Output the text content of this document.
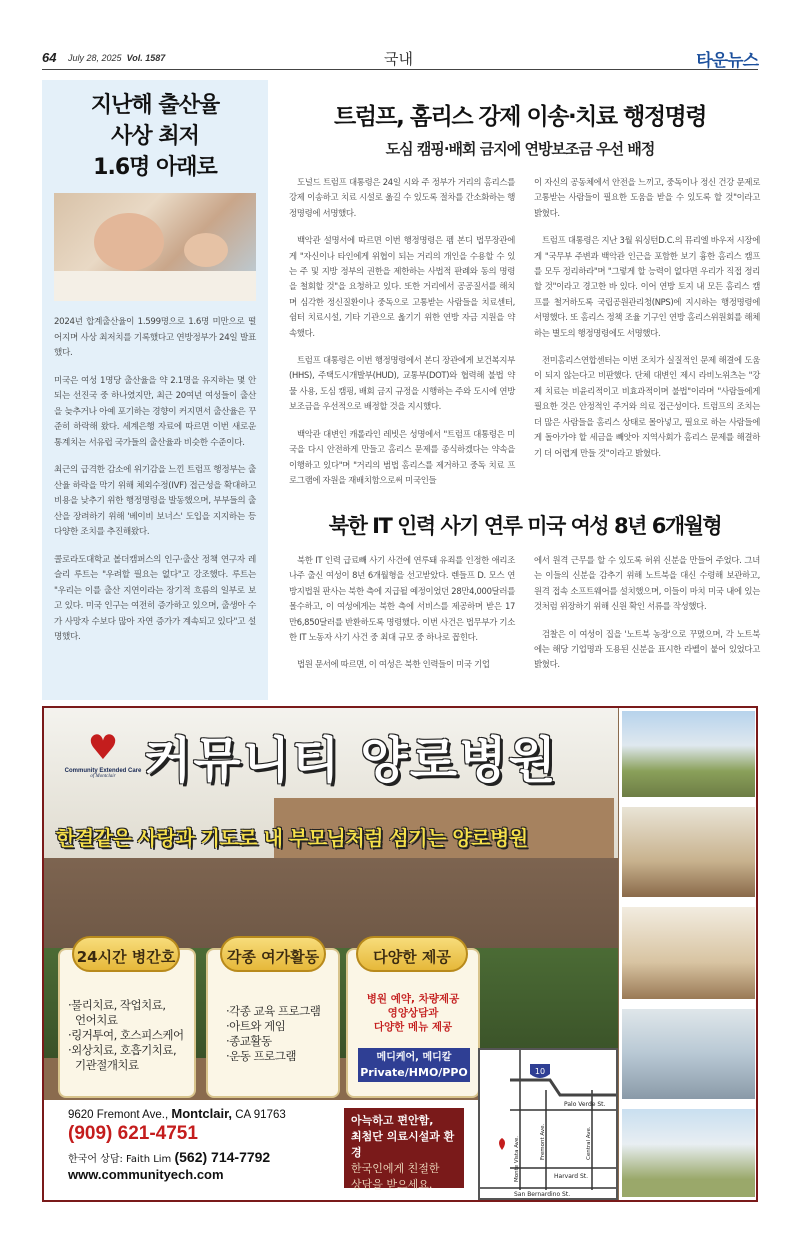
64 July 28, 2025 Vol. 1587	국내	타운뉴스
지난해 출산율
사상 최저
1.6명 아래로

2024년 합계출산율이 1.599명으로 1.6명 미만으로 떨어지며 사상 최저치를 기록했다고 연방정부가 24일 발표했다.

미국은 여성 1명당 출산율을 약 2.1명을 유지하는 몇 안 되는 선진국 중 하나였지만, 최근 20여년 여성들이 출산을 늦추거나 아예 포기하는 경향이 커지면서 출산율은 꾸준히 하락해 왔다. 세계은행 자료에 따르면 이번 새로운 통계치는 서유럽 국가들의 출산율과 비슷한 수준이다.

최근의 급격한 감소에 위기감을 느낀 트럼프 행정부는 출산율 하락을 막기 위해 체외수정(IVF) 접근성을 확대하고 비용을 낮추기 위한 행정명령을 발동했으며, 부부들의 출산을 장려하기 위해 '베이비 보너스' 도입을 지지하는 등 다양한 조치를 추진해왔다.

콜로라도대학교 볼더캠퍼스의 인구·출산 정책 연구자 레슬리 루트는 "우려할 필요는 없다"고 강조했다. 루트는 "우리는 이를 출산 지연이라는 장기적 흐름의 일부로 보고 있다. 미국 인구는 여전히 증가하고 있으며, 출생아 수가 사망자 수보다 많아 자연 증가가 계속되고 있다"고 설명했다.

트럼프, 홈리스 강제 이송·치료 행정명령
도심 캠핑·배회 금지에 연방보조금 우선 배정

도널드 트럼프 대통령은 24일 시와 주 정부가 거리의 홈리스를 강제 이송하고 치료 시설로 옮길 수 있도록 절차를 간소화하는 행정명령에 서명했다.

백악관 설명서에 따르면 이번 행정명령은 펨 본디 법무장관에게 "자신이나 타인에게 위협이 되는 거리의 개인을 수용할 수 있는 주 및 지방 정부의 권한을 제한하는 사법적 판례와 동의 명령을 철회할 것"을 요청하고 있다. 또한 거리에서 공공질서를 해치며 심각한 정신질환이나 중독으로 고통받는 사람들을 치료센터, 쉼터 치료시설, 기타 기관으로 옮기기 위한 연방 자금 지원을 약속했다.

트럼프 대통령은 이번 행정명령에서 본디 장관에게 보건복지부(HHS), 주택도시개발부(HUD), 교통부(DOT)와 협력해 불법 약물 사용, 도심 캠핑, 배회 금지 규정을 시행하는 주와 도시에 연방 보조금을 우선적으로 배정할 것을 지시했다.

백악관 대변인 캐롤라인 레빗은 성명에서 "트럼프 대통령은 미국을 다시 안전하게 만들고 홈리스 문제를 종식하겠다는 약속을 이행하고 있다"며 "거리의 범법 홈리스를 제거하고 중독 치료 프로그램에 자원을 재배치함으로써 미국인들

이 자신의 공동체에서 안전을 느끼고, 중독이나 정신 건강 문제로 고통받는 사람들이 필요한 도움을 받을 수 있도록 할 것"이라고 밝혔다.

트럼프 대통령은 지난 3월 워싱턴D.C.의 뮤리엘 바우저 시장에게 "국무부 주변과 백악관 인근을 포함한 보기 흉한 홈리스 캠프를 모두 정리하라"며 "그렇게 할 능력이 없다면 우리가 직접 정리할 것"이라고 경고한 바 있다. 이어 연방 토지 내 모든 홈리스 캠프를 철거하도록 국립공원관리청(NPS)에 지시하는 행정명령에 서명했다. 또 홈리스 정책 조율 기구인 연방 홈리스위원회를 해체하는 별도의 행정명령에도 서명했다.

전미홈리스연합센터는 이번 조치가 실질적인 문제 해결에 도움이 되지 않는다고 비판했다. 단체 대변인 제시 라비노위츠는 "강제 치료는 비윤리적이고 비효과적이며 불법"이라며 "사람들에게 필요한 것은 안정적인 주거와 의료 접근성이다. 트럼프의 조치는 더 많은 사람들을 홈리스 상태로 몰아넣고, 필요로 하는 사람들에게 돌아가야 할 세금을 빼앗아 지역사회가 홈리스 문제를 해결하기 더 어렵게 만들 것"이라고 밝혔다.

북한 IT 인력 사기 연루 미국 여성 8년 6개월형

북한 IT 인력 급료빼 사기 사건에 연루돼 유죄를 인정한 애리조나주 출신 여성이 8년 6개월형을 선고받았다. 렌들프 D. 모스 연방지법원 판사는 북한 측에 지급될 예정이었던 28만4,000달러를 몰수하고, 이 여성에게는 북한 측에 서비스를 제공하며 받은 17만6,850달러를 반환하도록 명령했다. 이번 사건은 법무부가 기소한 IT 노동자 사기 사건 중 최대 규모 중 하나로 꼽힌다.

법원 문서에 따르면, 이 여성은 북한 인력들이 미국 기업

에서 원격 근무를 할 수 있도록 허위 신분을 만들어 주었다. 그녀는 이들의 신분을 감추기 위해 노트북을 대신 수령해 보관하고, 원격 접속 소프트웨어를 설치했으며, 이들이 마치 미국 내에 있는 것처럼 위장하기 위해 신원 확인 서류를 작성했다.

검찰은 이 여성이 집을 '노트북 농장'으로 꾸몄으며, 각 노트북에는 해당 기업명과 도용된 신분을 표시한 라벨이 붙어 있었다고 밝혔다.

♥
Community Extended Care
of Montclair 커뮤니티 양로병원
한결같은 사랑과 기도로 내 부모님처럼 섬기는 양로병원
·물리치료, 작업치료,
언어치료
·링거투여, 호스피스케어
·외상치료, 호흡기치료,
기관절개치료
24시간 병간호
·각종 교육 프로그램
·아트와 게임
·종교활동
·운동 프로그램
각종 여가활동
병원 예약, 차량제공
영양상담과
다양한 메뉴 제공
메디케어, 메디칼
Private/HMO/PPO
다양한 제공
9620 Fremont Ave., Montclair, CA 91763
(909) 621-4751
한국어 상담: Faith Lim (562) 714-7792
www.communityech.com
아늑하고 편안함,
최첨단 의료시설과 환경
한국인에게 친절한
상담을 받으세요.
10
Palo Verde St.
Fremont Ave.	Central Ave.
Monte Vista Ave.	Harvard St.
San Bernardino St.
